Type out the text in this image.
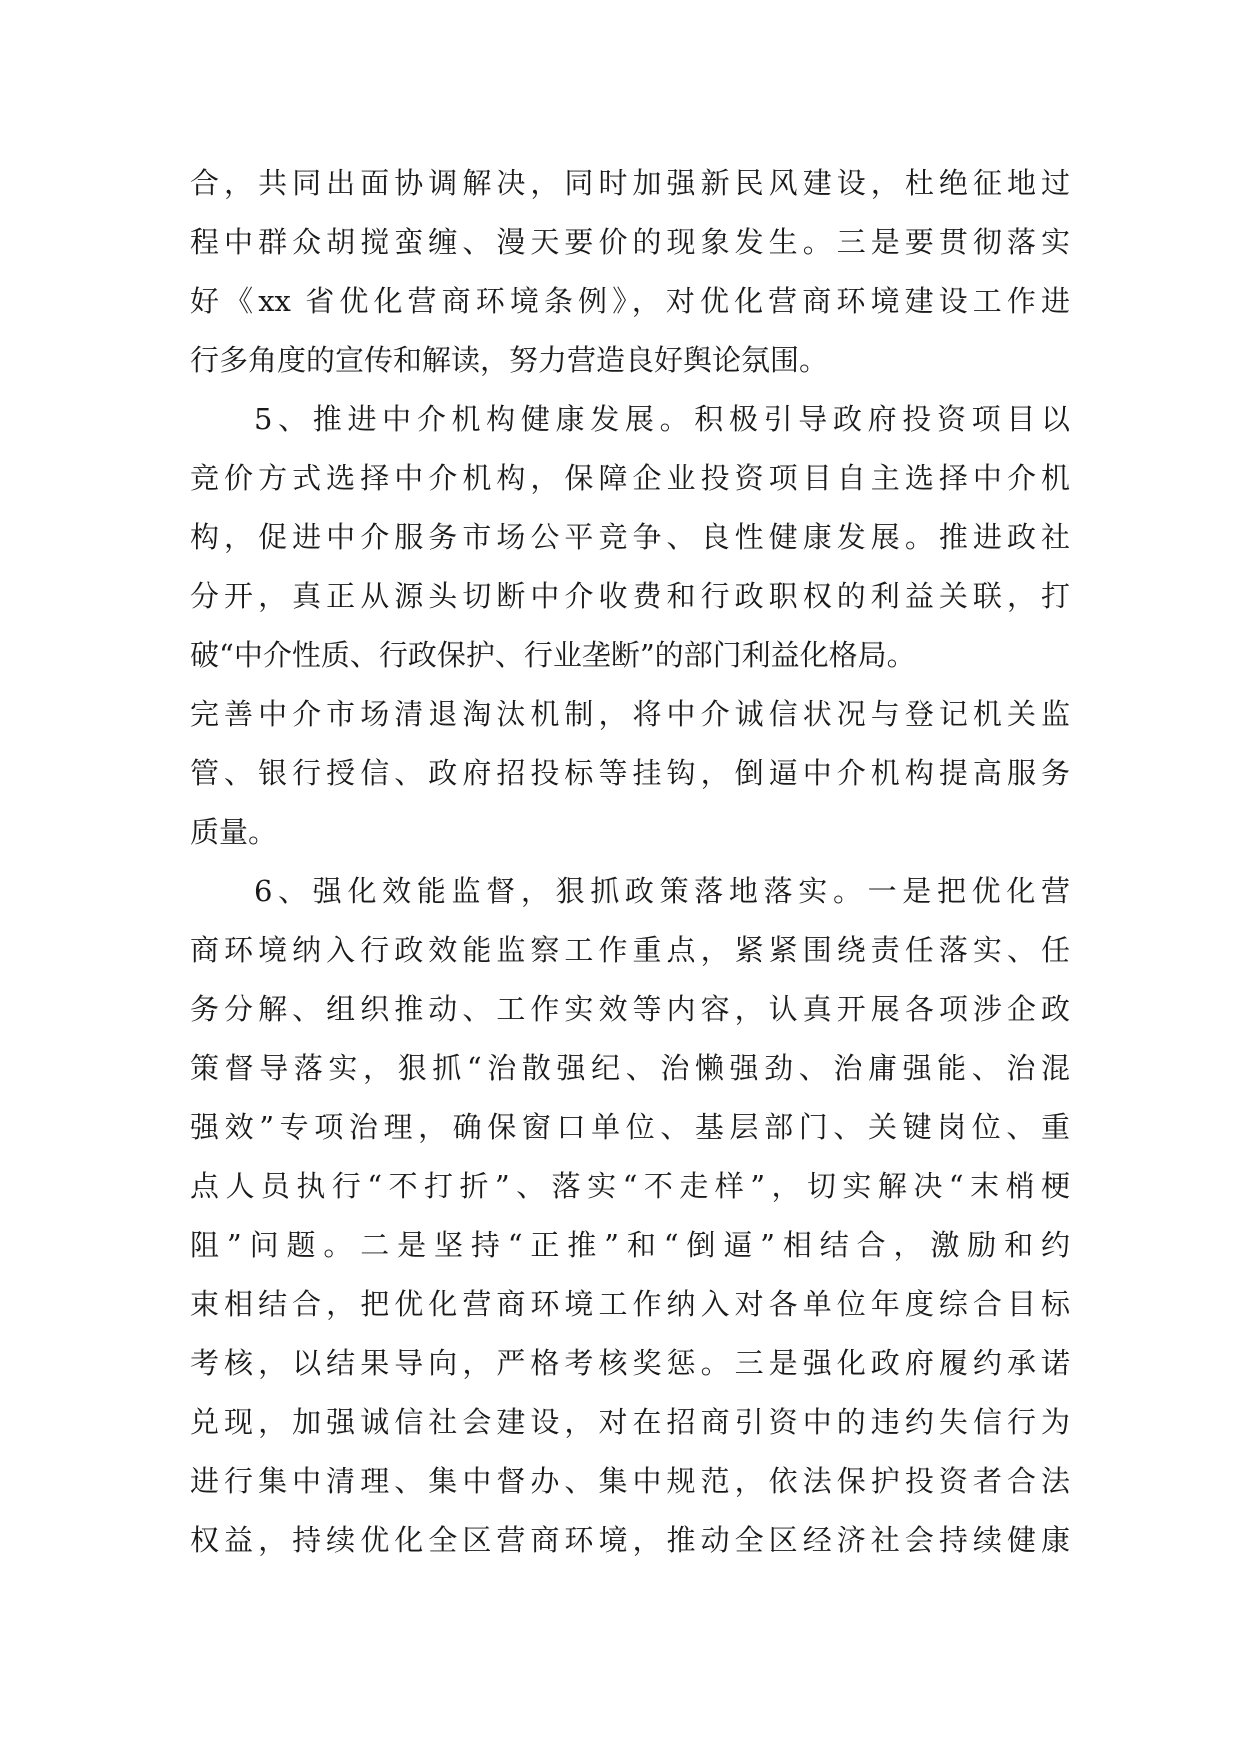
合，共同出面协调解决，同时加强新民风建设，杜绝征地过
程中群众胡搅蛮缠、漫天要价的现象发生。三是要贯彻落实
好《xx 省优化营商环境条例》，对优化营商环境建设工作进
行多角度的宣传和解读，努力营造良好舆论氛围。
5、推进中介机构健康发展。积极引导政府投资项目以
竞价方式选择中介机构，保障企业投资项目自主选择中介机
构，促进中介服务市场公平竞争、良性健康发展。推进政社
分开，真正从源头切断中介收费和行政职权的利益关联，打
破“中介性质、行政保护、行业垄断”的部门利益化格局。
完善中介市场清退淘汰机制，将中介诚信状况与登记机关监
管、银行授信、政府招投标等挂钩，倒逼中介机构提高服务
质量。
6、强化效能监督，狠抓政策落地落实。一是把优化营
商环境纳入行政效能监察工作重点，紧紧围绕责任落实、任
务分解、组织推动、工作实效等内容，认真开展各项涉企政
策督导落实，狠抓“治散强纪、治懒强劲、治庸强能、治混
强效”专项治理，确保窗口单位、基层部门、关键岗位、重
点人员执行“不打折”、落实“不走样”，切实解决“末梢梗
阻”问题。二是坚持“正推”和“倒逼”相结合，激励和约
束相结合，把优化营商环境工作纳入对各单位年度综合目标
考核，以结果导向，严格考核奖惩。三是强化政府履约承诺
兑现，加强诚信社会建设，对在招商引资中的违约失信行为
进行集中清理、集中督办、集中规范，依法保护投资者合法
权益，持续优化全区营商环境，推动全区经济社会持续健康
